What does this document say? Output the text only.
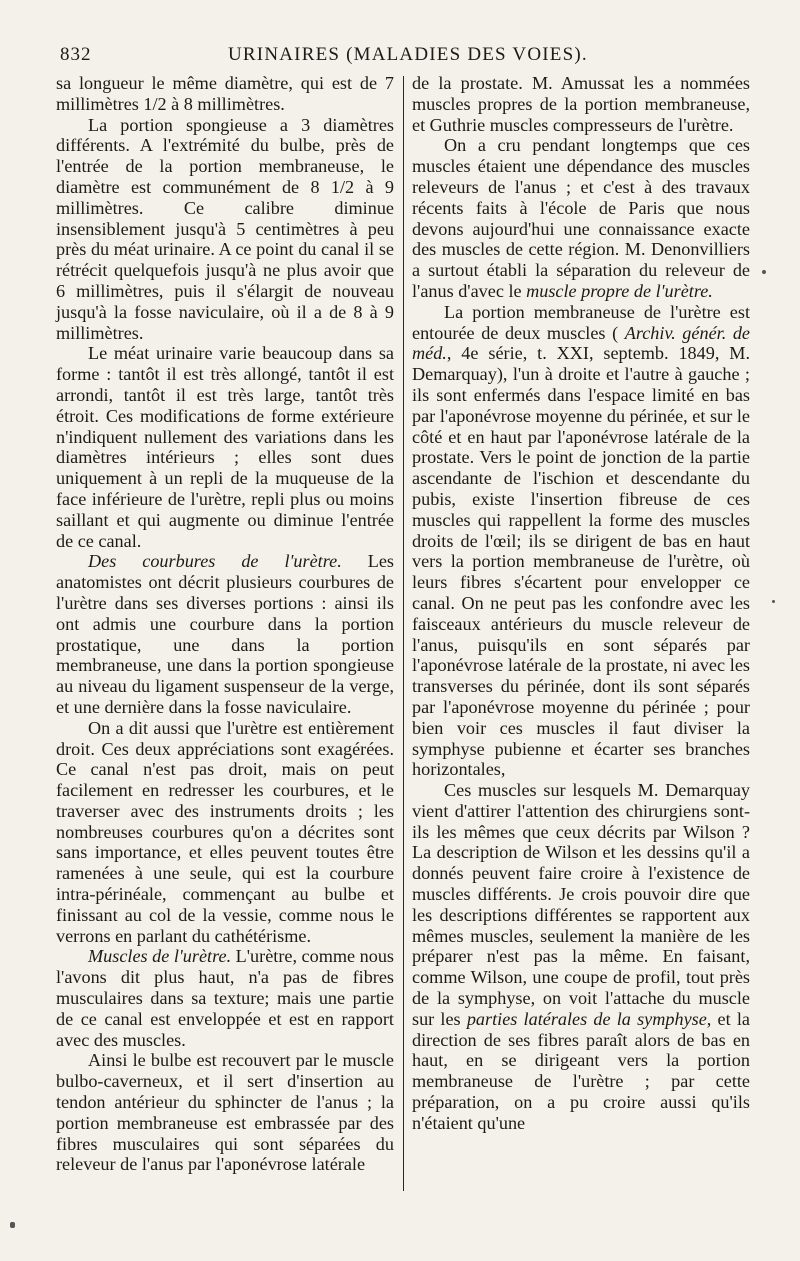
832	URINAIRES (MALADIES DES VOIES).

sa longueur le même diamètre, qui est de 7 millimètres 1/2 à 8 millimètres.

La portion spongieuse a 3 diamètres différents. A l'extrémité du bulbe, près de l'entrée de la portion membraneuse, le diamètre est communément de 8 1/2 à 9 millimètres. Ce calibre diminue insensiblement jusqu'à 5 centimètres à peu près du méat urinaire. A ce point du canal il se rétrécit quelquefois jusqu'à ne plus avoir que 6 millimètres, puis il s'élargit de nouveau jusqu'à la fosse naviculaire, où il a de 8 à 9 millimètres.

Le méat urinaire varie beaucoup dans sa forme : tantôt il est très allongé, tantôt il est arrondi, tantôt il est très large, tantôt très étroit. Ces modifications de forme extérieure n'indiquent nullement des variations dans les diamètres intérieurs ; elles sont dues uniquement à un repli de la muqueuse de la face inférieure de l'urètre, repli plus ou moins saillant et qui augmente ou diminue l'entrée de ce canal.

Des courbures de l'urètre. Les anatomistes ont décrit plusieurs courbures de l'urètre dans ses diverses portions : ainsi ils ont admis une courbure dans la portion prostatique, une dans la portion membraneuse, une dans la portion spongieuse au niveau du ligament suspenseur de la verge, et une dernière dans la fosse naviculaire.

On a dit aussi que l'urètre est entièrement droit. Ces deux appréciations sont exagérées. Ce canal n'est pas droit, mais on peut facilement en redresser les courbures, et le traverser avec des instruments droits ; les nombreuses courbures qu'on a décrites sont sans importance, et elles peuvent toutes être ramenées à une seule, qui est la courbure intra-périnéale, commençant au bulbe et finissant au col de la vessie, comme nous le verrons en parlant du cathétérisme.

Muscles de l'urètre. L'urètre, comme nous l'avons dit plus haut, n'a pas de fibres musculaires dans sa texture; mais une partie de ce canal est enveloppée et est en rapport avec des muscles.

Ainsi le bulbe est recouvert par le muscle bulbo-caverneux, et il sert d'insertion au tendon antérieur du sphincter de l'anus ; la portion membraneuse est embrassée par des fibres musculaires qui sont séparées du releveur de l'anus par l'aponévrose latérale

de la prostate. M. Amussat les a nommées muscles propres de la portion membraneuse, et Guthrie muscles compresseurs de l'urètre.

On a cru pendant longtemps que ces muscles étaient une dépendance des muscles releveurs de l'anus ; et c'est à des travaux récents faits à l'école de Paris que nous devons aujourd'hui une connaissance exacte des muscles de cette région. M. Denonvilliers a surtout établi la séparation du releveur de l'anus d'avec le muscle propre de l'urètre.

La portion membraneuse de l'urètre est entourée de deux muscles ( Archiv. génér. de méd., 4e série, t. XXI, septemb. 1849, M. Demarquay), l'un à droite et l'autre à gauche ; ils sont enfermés dans l'espace limité en bas par l'aponévrose moyenne du périnée, et sur le côté et en haut par l'aponévrose latérale de la prostate. Vers le point de jonction de la partie ascendante de l'ischion et descendante du pubis, existe l'insertion fibreuse de ces muscles qui rappellent la forme des muscles droits de l'œil; ils se dirigent de bas en haut vers la portion membraneuse de l'urètre, où leurs fibres s'écartent pour envelopper ce canal. On ne peut pas les confondre avec les faisceaux antérieurs du muscle releveur de l'anus, puisqu'ils en sont séparés par l'aponévrose latérale de la prostate, ni avec les transverses du périnée, dont ils sont séparés par l'aponévrose moyenne du périnée ; pour bien voir ces muscles il faut diviser la symphyse pubienne et écarter ses branches horizontales,

Ces muscles sur lesquels M. Demarquay vient d'attirer l'attention des chirurgiens sont-ils les mêmes que ceux décrits par Wilson ? La description de Wilson et les dessins qu'il a donnés peuvent faire croire à l'existence de muscles différents. Je crois pouvoir dire que les descriptions différentes se rapportent aux mêmes muscles, seulement la manière de les préparer n'est pas la même. En faisant, comme Wilson, une coupe de profil, tout près de la symphyse, on voit l'attache du muscle sur les parties latérales de la symphyse, et la direction de ses fibres paraît alors de bas en haut, en se dirigeant vers la portion membraneuse de l'urètre ; par cette préparation, on a pu croire aussi qu'ils n'étaient qu'une
